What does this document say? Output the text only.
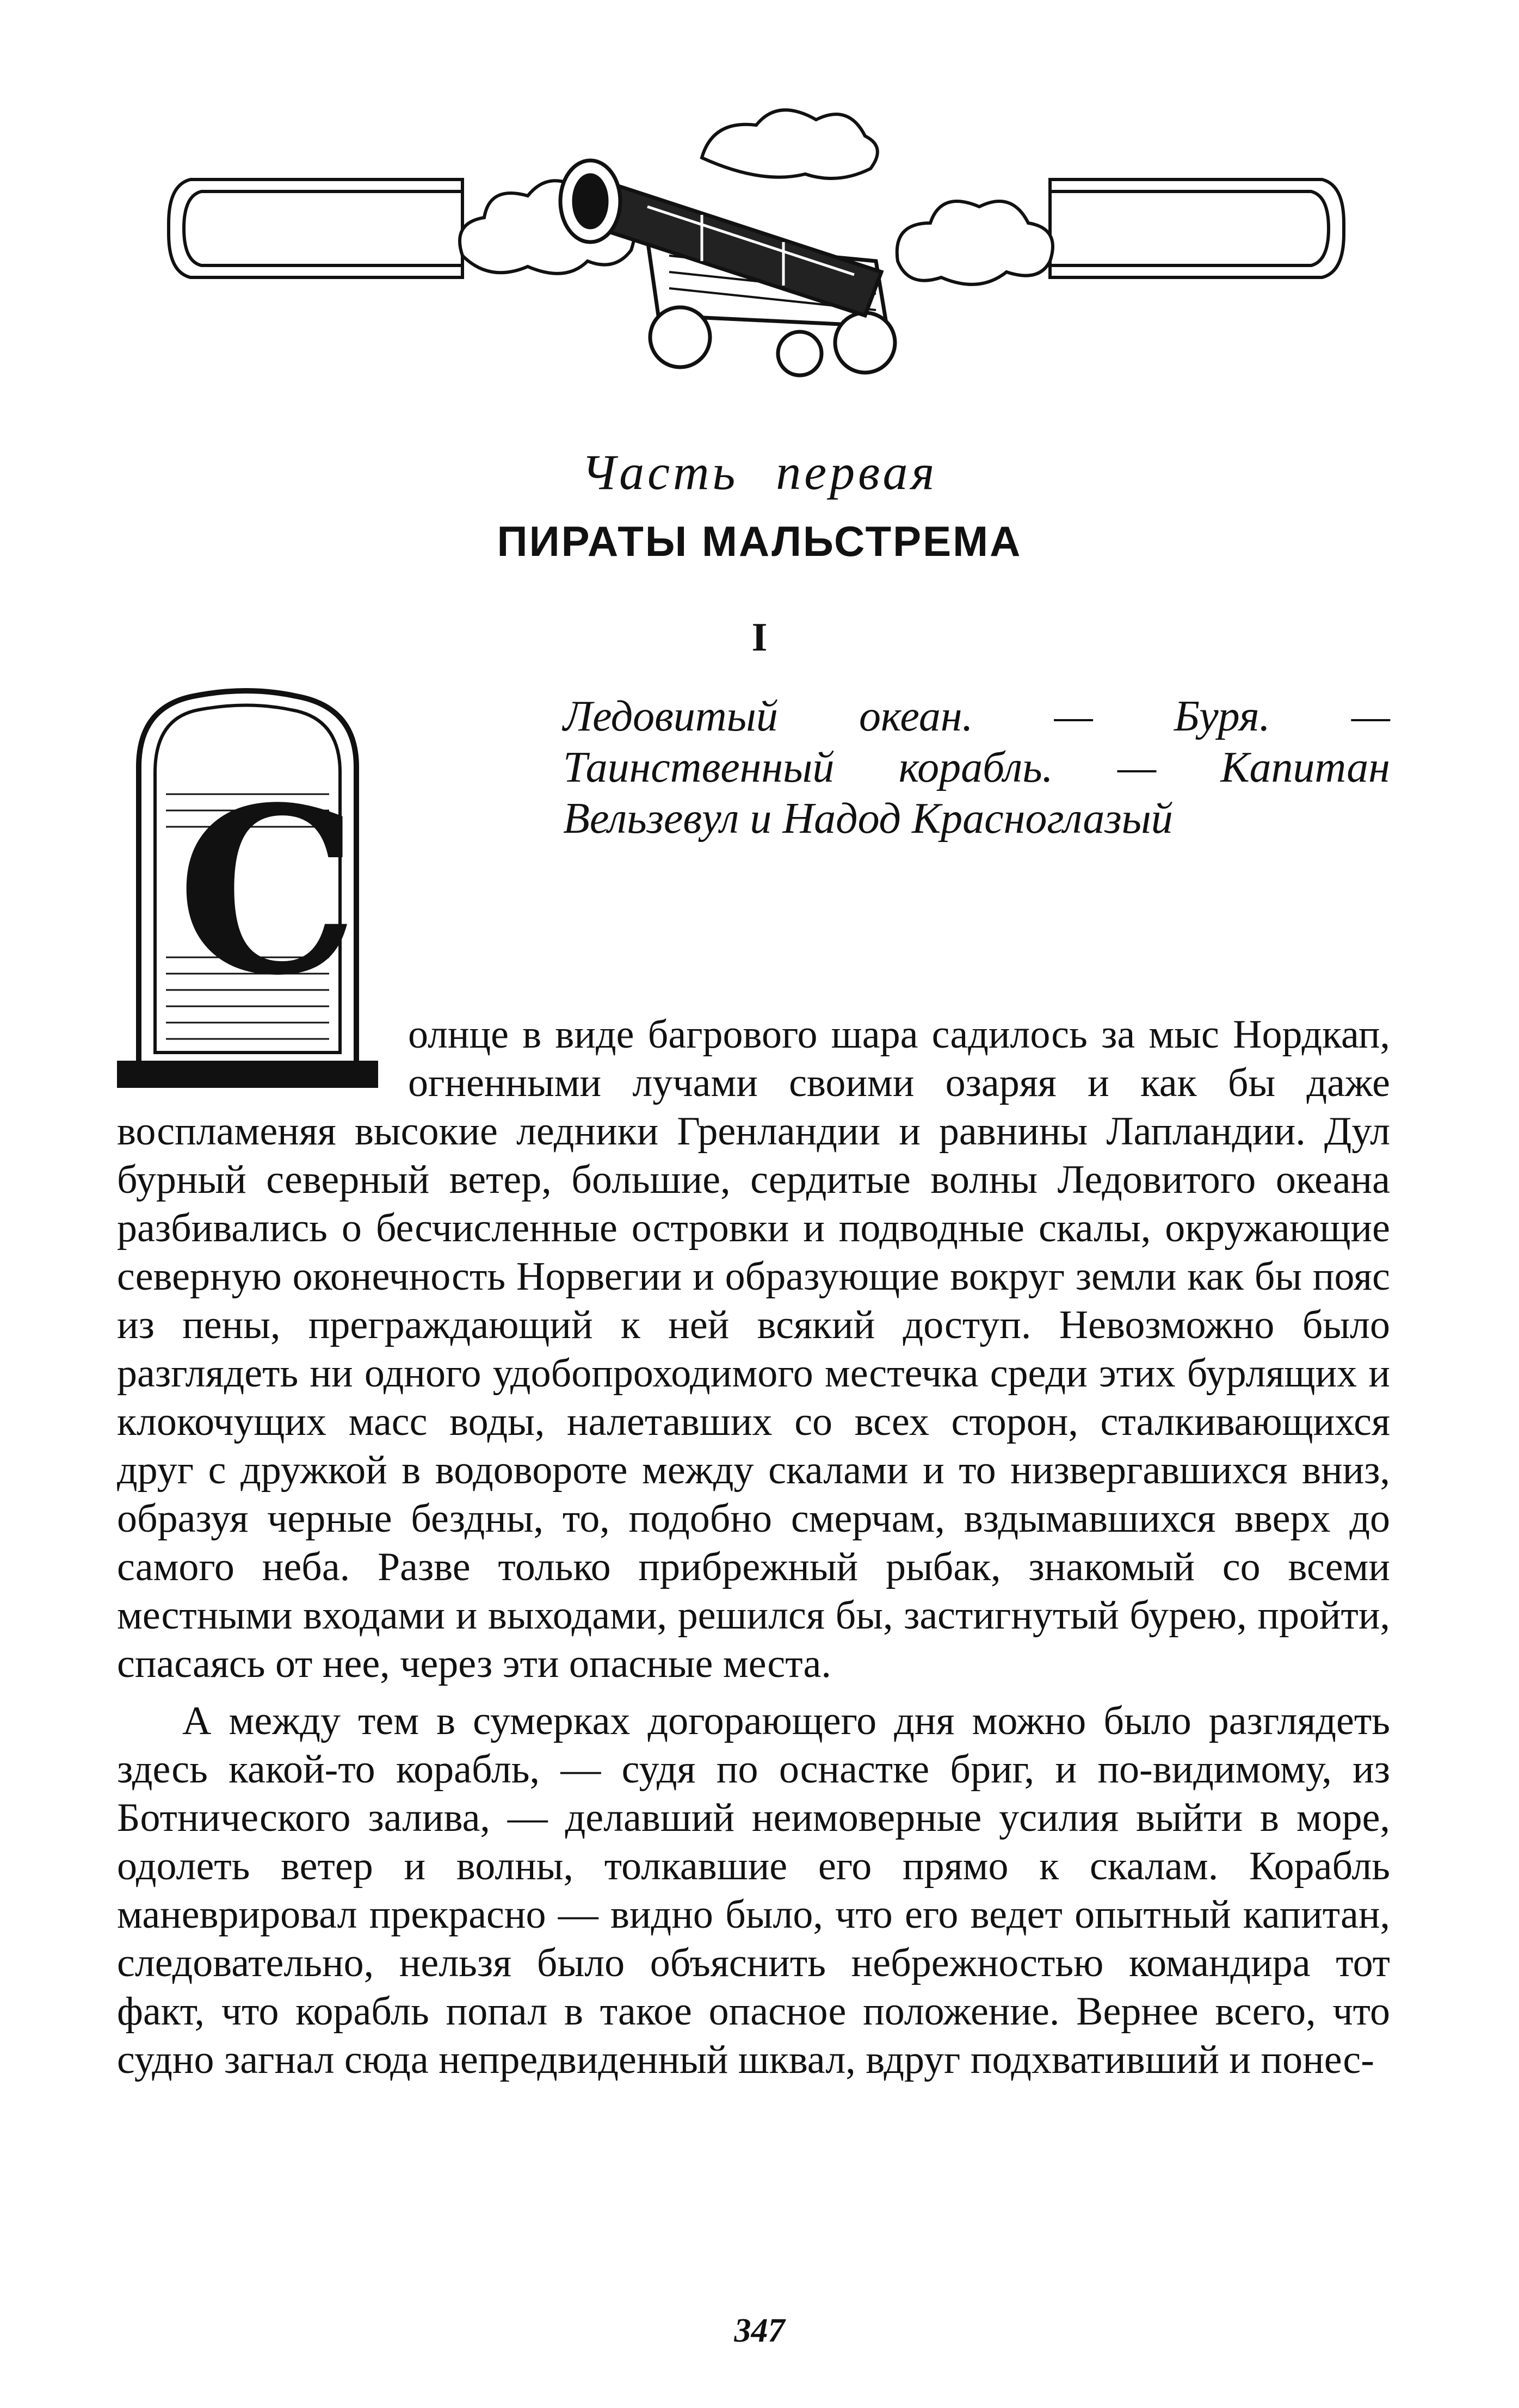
Часть первая
ПИРАТЫ МАЛЬСТРЕМА
I
С
Ледовитый океан. — Буря. — Таинственный корабль. — Капитан Вельзевул и Надод Красноглазый

олнце в виде багрового шара садилось за мыс Нордкап, огненными лучами своими озаряя и как бы даже воспламеняя высокие ледники Гренландии и равнины Лапландии. Дул бурный северный ветер, большие, сердитые волны Ледовитого океана разбивались о бесчисленные островки и подводные скалы, окружающие северную оконечность Норвегии и образующие вокруг земли как бы пояс из пены, преграждающий к ней всякий доступ. Невозможно было разглядеть ни одного удобопроходимого местечка среди этих бурлящих и клокочущих масс воды, налетавших со всех сторон, сталкивающихся друг с дружкой в водовороте между скалами и то низвергавшихся вниз, образуя черные бездны, то, подобно смерчам, вздымавшихся вверх до самого неба. Разве только прибрежный рыбак, знакомый со всеми местными входами и выходами, решился бы, застигнутый бурею, пройти, спасаясь от нее, через эти опасные места.

А между тем в сумерках догорающего дня можно было разглядеть здесь какой-то корабль, — судя по оснастке бриг, и по-видимому, из Ботнического залива, — делавший неимоверные усилия выйти в море, одолеть ветер и волны, толкавшие его прямо к скалам. Корабль маневрировал прекрасно — видно было, что его ведет опытный капитан, следовательно, нельзя было объяснить небрежностью командира тот факт, что корабль попал в такое опасное положение. Вернее всего, что судно загнал сюда непредвиденный шквал, вдруг подхвативший и понес-

347
